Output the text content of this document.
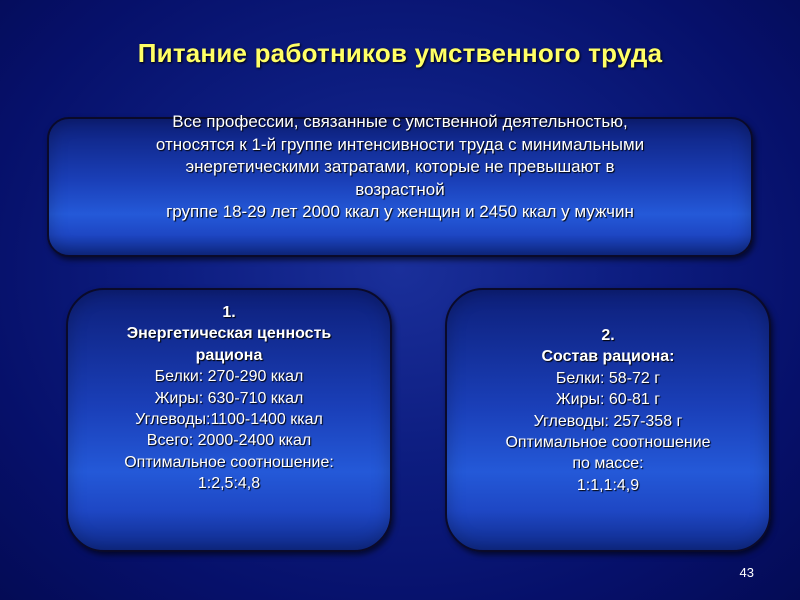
Питание работников умственного труда
Все профессии, связанные с умственной деятельностью,
относятся к 1-й группе интенсивности труда с минимальными
энергетическими затратами, которые не превышают в
возрастной
группе 18-29 лет 2000 ккал у женщин и 2450 ккал у мужчин
1.
Энергетическая ценность
рациона
Белки: 270-290 ккал
Жиры: 630-710 ккал
Углеводы:1100-1400 ккал
Всего: 2000-2400 ккал
Оптимальное соотношение:
1:2,5:4,8
2.
Состав рациона:
Белки: 58-72 г
Жиры: 60-81 г
Углеводы: 257-358 г
Оптимальное соотношение
по массе:
1:1,1:4,9
43
